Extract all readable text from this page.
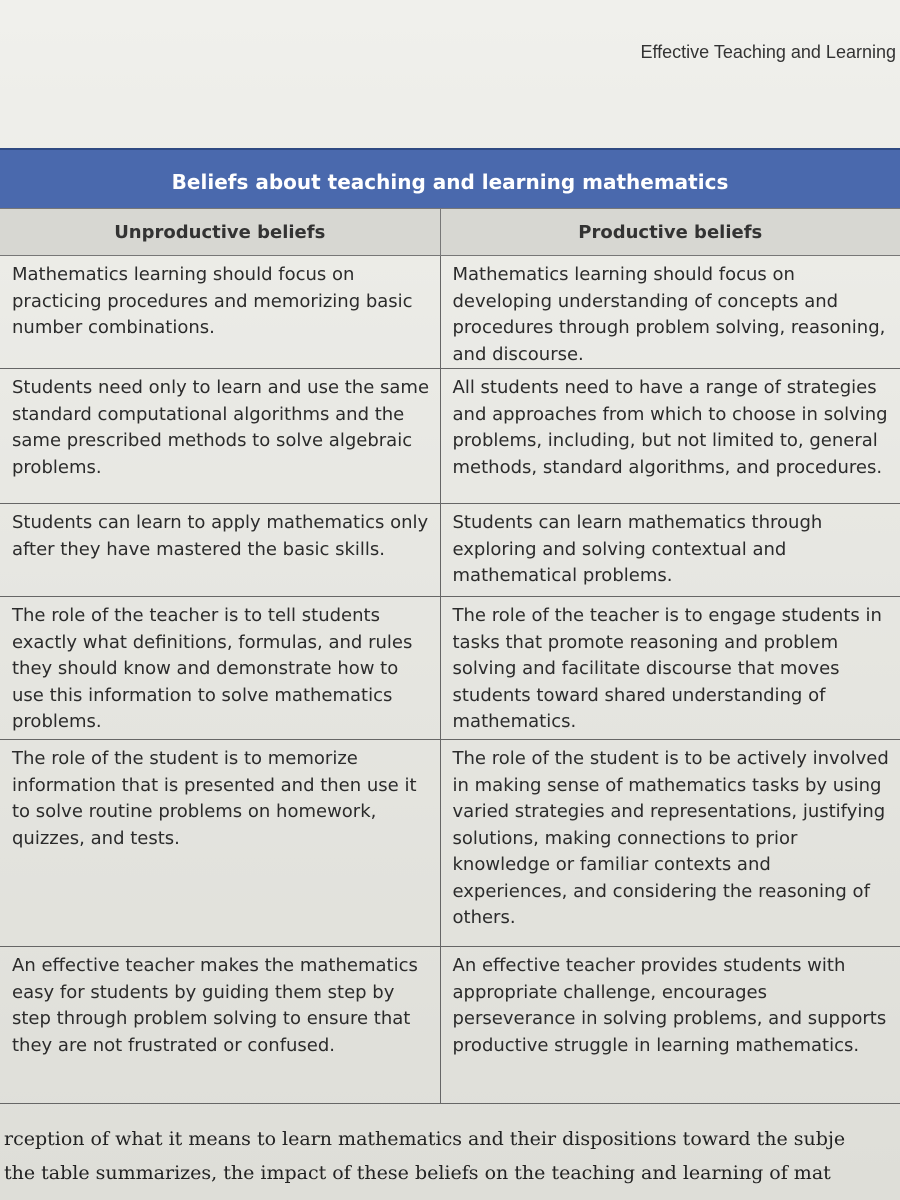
Effective Teaching and Learning
Beliefs about teaching and learning mathematics	
Unproductive beliefs	Productive beliefs
Mathematics learning should focus on practicing procedures and memorizing basic number combinations.	Mathematics learning should focus on developing understanding of concepts and procedures through problem solving, reasoning, and discourse.
Students need only to learn and use the same standard computational algorithms and the same prescribed methods to solve algebraic problems.	All students need to have a range of strategies and approaches from which to choose in solving problems, including, but not limited to, general methods, standard algorithms, and procedures.
Students can learn to apply mathematics only after they have mastered the basic skills.	Students can learn mathematics through exploring and solving contextual and mathematical problems.
The role of the teacher is to tell students exactly what definitions, formulas, and rules they should know and demonstrate how to use this information to solve mathematics problems.	The role of the teacher is to engage students in tasks that promote reasoning and problem solving and facilitate discourse that moves students toward shared understanding of mathematics.
The role of the student is to memorize information that is presented and then use it to solve routine problems on homework, quizzes, and tests.	The role of the student is to be actively involved in making sense of mathematics tasks by using varied strategies and representations, justifying solutions, making connections to prior knowledge or familiar contexts and experiences, and considering the reasoning of others.
An effective teacher makes the mathematics easy for students by guiding them step by step through problem solving to ensure that they are not frustrated or confused.	An effective teacher provides students with appropriate challenge, encourages perseverance in solving problems, and supports productive struggle in learning mathematics.
rception of what it means to learn mathematics and their dispositions toward the subje
the table summarizes, the impact of these beliefs on the teaching and learning of mat
